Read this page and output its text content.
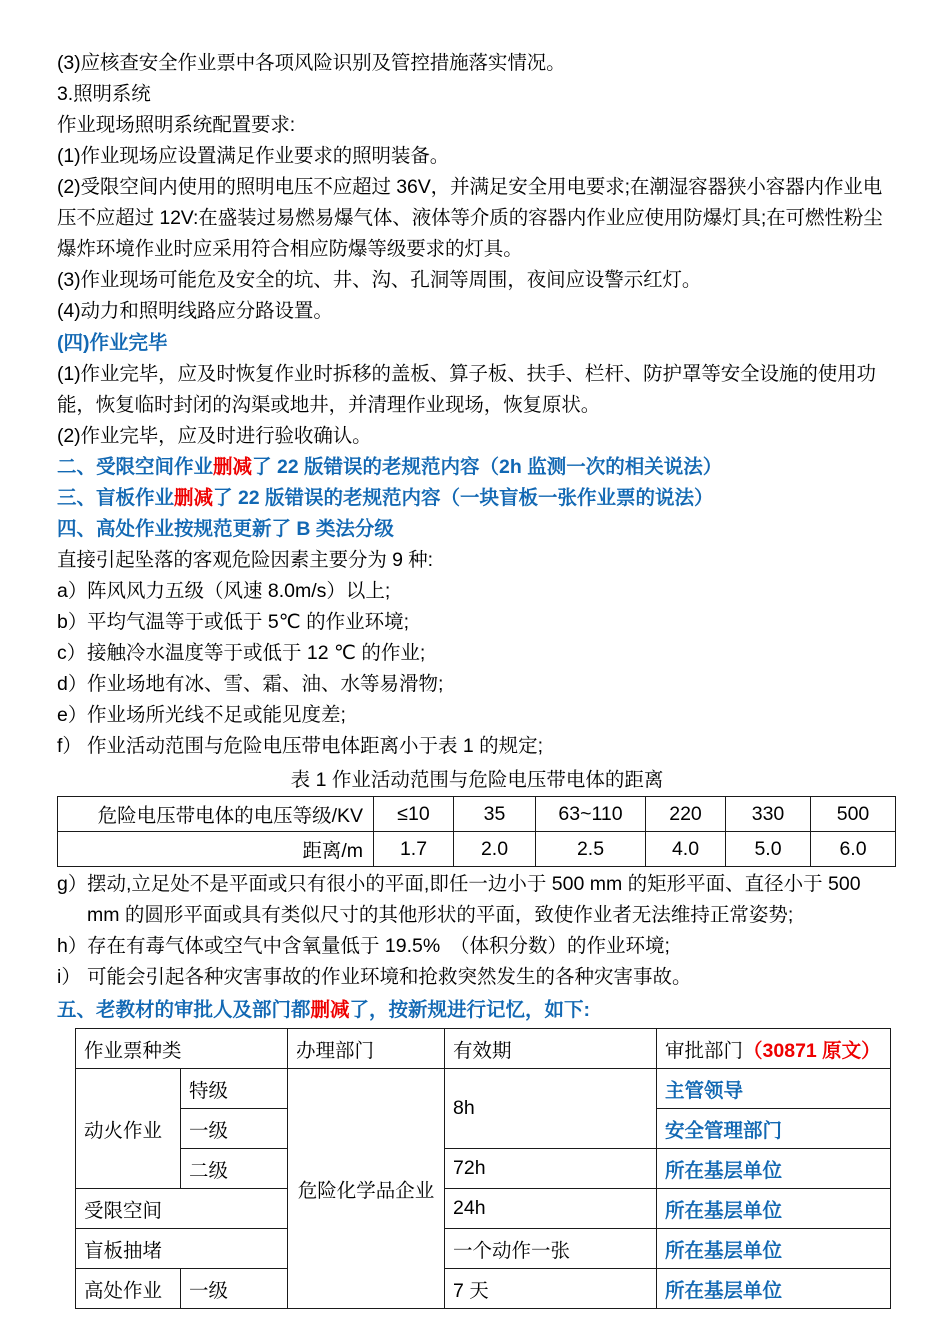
(3)应核查安全作业票中各项风险识别及管控措施落实情况。
3.照明系统
作业现场照明系统配置要求:
(1)作业现场应设置满足作业要求的照明装备。
(2)受限空间内使用的照明电压不应超过 36V，并满足安全用电要求;在潮湿容器狭小容器内作业电压不应超过 12V:在盛装过易燃易爆气体、液体等介质的容器内作业应使用防爆灯具;在可燃性粉尘爆炸环境作业时应采用符合相应防爆等级要求的灯具。
(3)作业现场可能危及安全的坑、井、沟、孔洞等周围，夜间应设警示红灯。
(4)动力和照明线路应分路设置。
(四)作业完毕
(1)作业完毕，应及时恢复作业时拆移的盖板、算子板、扶手、栏杆、防护罩等安全设施的使用功能，恢复临时封闭的沟渠或地井，并清理作业现场，恢复原状。
(2)作业完毕，应及时进行验收确认。
二、受限空间作业删减了 22 版错误的老规范内容（2h 监测一次的相关说法）
三、盲板作业删减了 22 版错误的老规范内容（一块盲板一张作业票的说法）
四、高处作业按规范更新了 B 类法分级
直接引起坠落的客观危险因素主要分为 9 种:
a） 阵风风力五级（风速 8.0m/s）以上;
b） 平均气温等于或低于 5℃ 的作业环境;
c） 接触冷水温度等于或低于 12 ℃ 的作业;
d） 作业场地有冰、雪、霜、油、水等易滑物;
e） 作业场所光线不足或能见度差;
f） 作业活动范围与危险电压带电体距离小于表 1 的规定;
表 1 作业活动范围与危险电压带电体的距离
危险电压带电体的电压等级/KV	≤10	35	63~110	220	330	500
距离/m	1.7	2.0	2.5	4.0	5.0	6.0
g） 摆动,立足处不是平面或只有很小的平面,即任一边小于 500 mm 的矩形平面、直径小于 500 mm 的圆形平面或具有类似尺寸的其他形状的平面，致使作业者无法维持正常姿势;
h） 存在有毒气体或空气中含氧量低于 19.5%　（体积分数）的作业环境;
i） 可能会引起各种灾害事故的作业环境和抢救突然发生的各种灾害事故。
五、老教材的审批人及部门都删减了，按新规进行记忆，如下:
作业票种类		办理部门	有效期	审批部门（30871 原文）
动火作业	特级	危险化学品企业	8h	主管领导
	一级			安全管理部门
	二级		72h	所在基层单位
受限空间			24h	所在基层单位
盲板抽堵			一个动作一张	所在基层单位
高处作业	一级		7 天	所在基层单位
